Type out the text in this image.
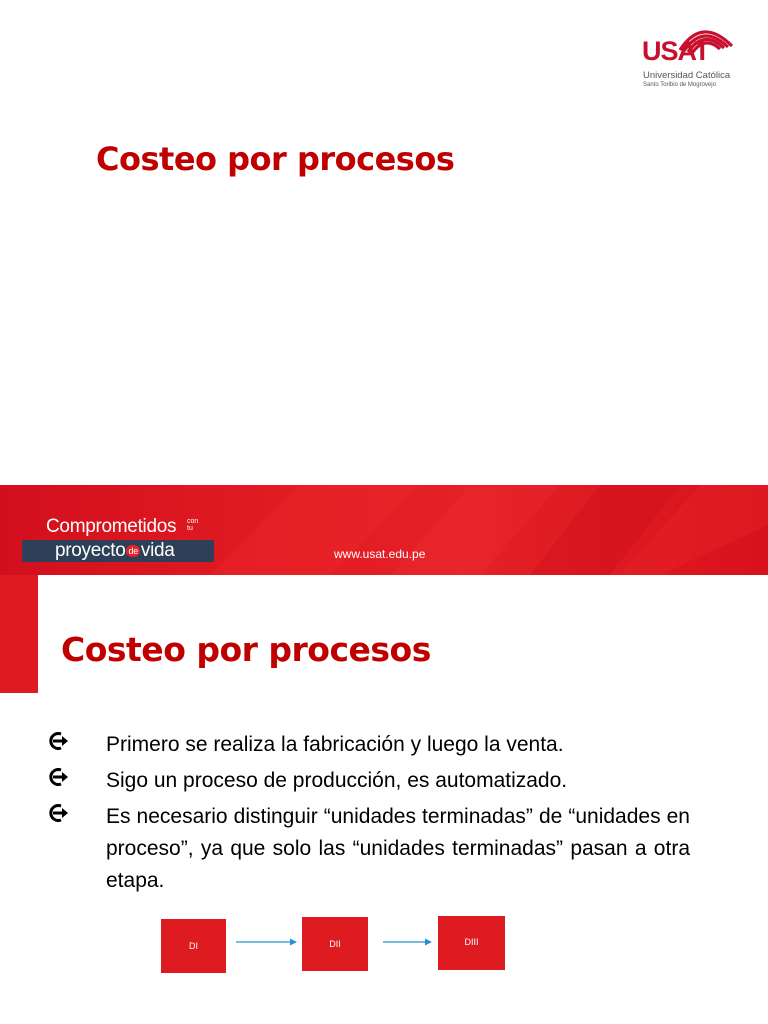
USAT
Universidad Católica
Santo Toribio de Mogrovejo
Costeo por procesos
Comprometidos con
tu
proyecto de vida	www.usat.edu.pe
Costeo por procesos
Primero se realiza la fabricación y luego la venta.
Sigo un proceso de producción, es automatizado.
Es necesario distinguir “unidades terminadas” de “unidades en proceso”, ya que solo las “unidades terminadas” pasan a otra etapa.
DI	DII	DIII
